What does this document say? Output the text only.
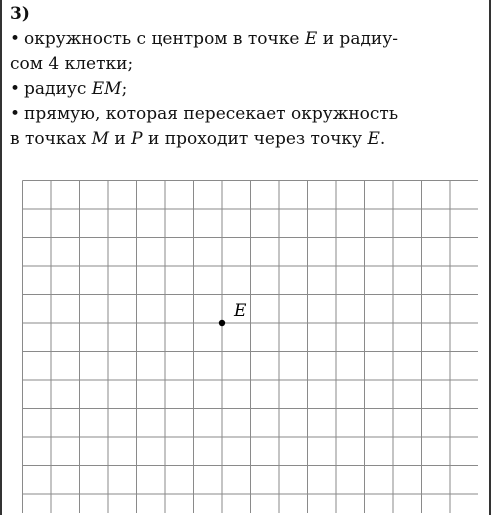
3)
• окружность с центром в точке E и радиу-
сом 4 клетки;
• радиус EM;
• прямую, которая пересекает окружность
в точках M и P и проходит через точку E.
E
